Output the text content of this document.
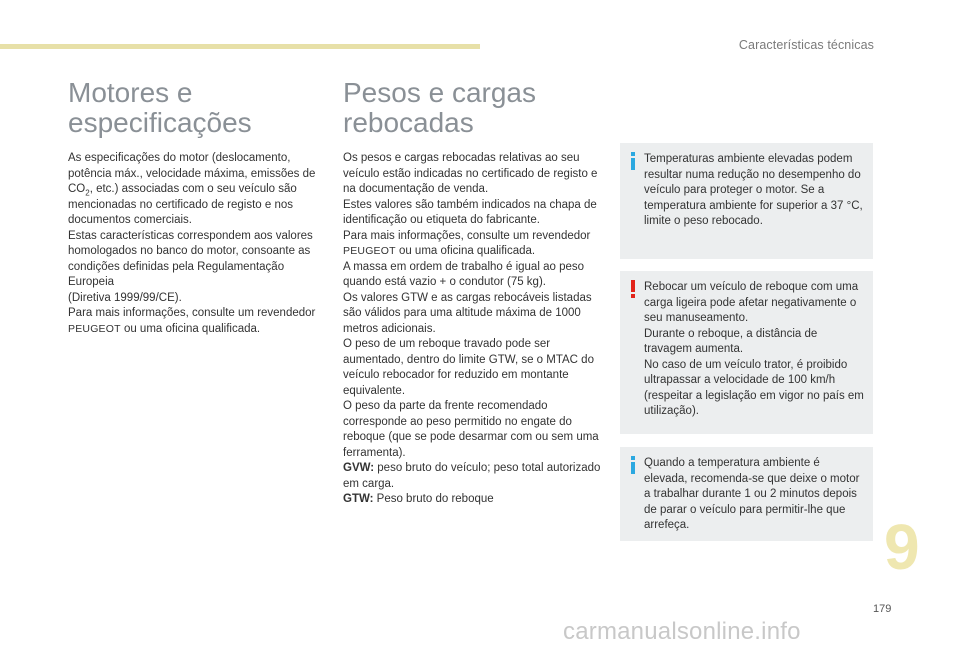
Características técnicas
Motores e
especificações

As especificações do motor (deslocamento, potência máx., velocidade máxima, emissões de $CO_2$, etc.) associadas com o seu veículo são mencionadas no certificado de registo e nos documentos comerciais.

Estas características correspondem aos valores homologados no banco do motor, consoante as condições definidas pela Regulamentação Europeia

(Diretiva 1999/99/CE).

Para mais informações, consulte um revendedor PEUGEOT ou uma oficina qualificada.

Pesos e cargas
rebocadas

Os pesos e cargas rebocadas relativas ao seu veículo estão indicadas no certificado de registo e na documentação de venda.

Estes valores são também indicados na chapa de identificação ou etiqueta do fabricante.

Para mais informações, consulte um revendedor PEUGEOT ou uma oficina qualificada.

A massa em ordem de trabalho é igual ao peso quando está vazio + o condutor (75 kg).

Os valores GTW e as cargas rebocáveis listadas são válidos para uma altitude máxima de 1000 metros adicionais.

O peso de um reboque travado pode ser aumentado, dentro do limite GTW, se o MTAC do veículo rebocador for reduzido em montante equivalente.

O peso da parte da frente recomendado corresponde ao peso permitido no engate do reboque (que se pode desarmar com ou sem uma ferramenta).

GVW: peso bruto do veículo; peso total autorizado em carga.

GTW: Peso bruto do reboque

Temperaturas ambiente elevadas podem resultar numa redução no desempenho do veículo para proteger o motor. Se a temperatura ambiente for superior a 37 °C, limite o peso rebocado.

Rebocar um veículo de reboque com uma carga ligeira pode afetar negativamente o seu manuseamento.

Durante o reboque, a distância de travagem aumenta.

No caso de um veículo trator, é proibido ultrapassar a velocidade de 100 km/h (respeitar a legislação em vigor no país em utilização).

Quando a temperatura ambiente é elevada, recomenda-se que deixe o motor a trabalhar durante 1 ou 2 minutos depois de parar o veículo para permitir-lhe que arrefeça.	9
179
carmanualsonline.info
